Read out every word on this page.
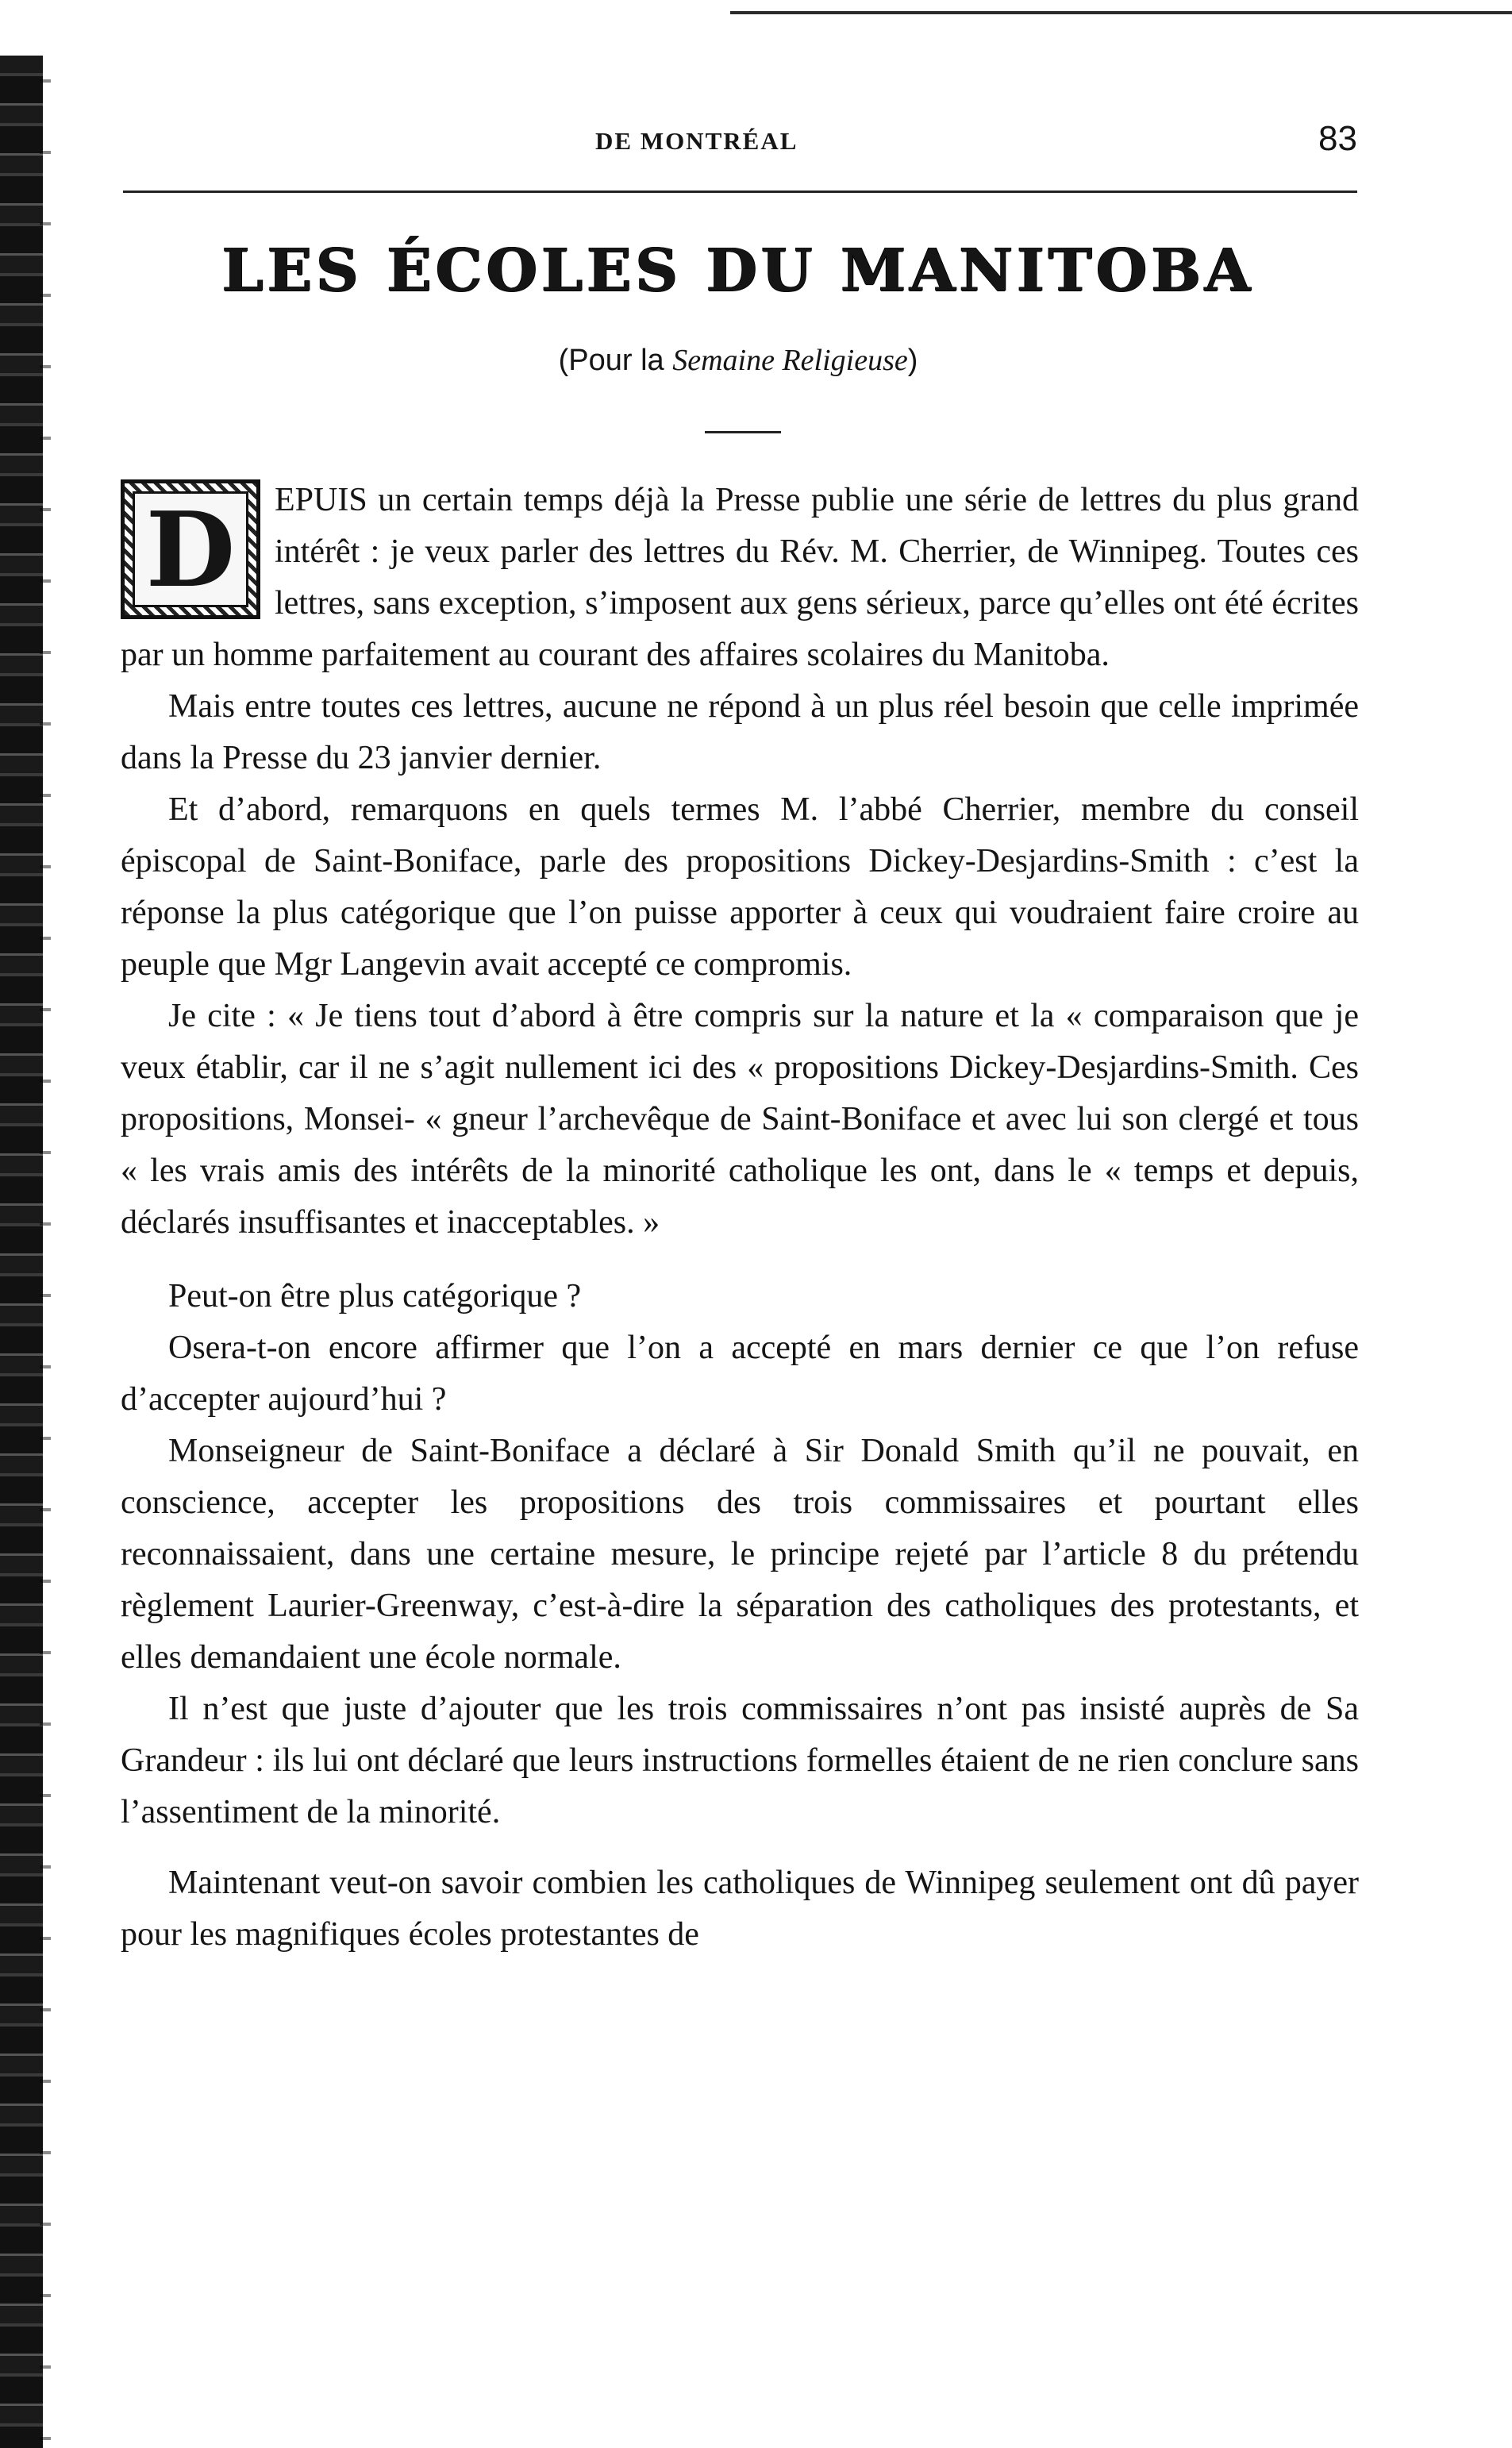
DE MONTRÉAL	83
LES ÉCOLES DU MANITOBA
(Pour la Semaine Religieuse)
D	EPUIS un certain temps déjà la Presse publie une série de lettres du plus grand intérêt : je veux parler des lettres du Rév. M. Cherrier, de Winnipeg. Toutes ces lettres, sans exception, s’imposent aux gens sérieux, parce qu’elles ont été écrites par un homme parfaitement au courant des affaires scolaires du Manitoba.

Mais entre toutes ces lettres, aucune ne répond à un plus réel besoin que celle imprimée dans la Presse du 23 janvier dernier.

Et d’abord, remarquons en quels termes M. l’abbé Cherrier, membre du conseil épiscopal de Saint-Boniface, parle des propositions Dickey-Desjardins-Smith : c’est la réponse la plus catégorique que l’on puisse apporter à ceux qui voudraient faire croire au peuple que Mgr Langevin avait accepté ce compromis.

Je cite : « Je tiens tout d’abord à être compris sur la nature et la « comparaison que je veux établir, car il ne s’agit nullement ici des « propositions Dickey-Desjardins-Smith. Ces propositions, Monsei- « gneur l’archevêque de Saint-Boniface et avec lui son clergé et tous « les vrais amis des intérêts de la minorité catholique les ont, dans le « temps et depuis, déclarés insuffisantes et inacceptables. »

Peut-on être plus catégorique ?

Osera-t-on encore affirmer que l’on a accepté en mars dernier ce que l’on refuse d’accepter aujourd’hui ?

Monseigneur de Saint-Boniface a déclaré à Sir Donald Smith qu’il ne pouvait, en conscience, accepter les propositions des trois commissaires et pourtant elles reconnaissaient, dans une certaine mesure, le principe rejeté par l’article 8 du prétendu règlement Laurier-Greenway, c’est-à-dire la séparation des catholiques des protestants, et elles demandaient une école normale.

Il n’est que juste d’ajouter que les trois commissaires n’ont pas insisté auprès de Sa Grandeur : ils lui ont déclaré que leurs instructions formelles étaient de ne rien conclure sans l’assentiment de la minorité.

Maintenant veut-on savoir combien les catholiques de Winnipeg seulement ont dû payer pour les magnifiques écoles protestantes de
